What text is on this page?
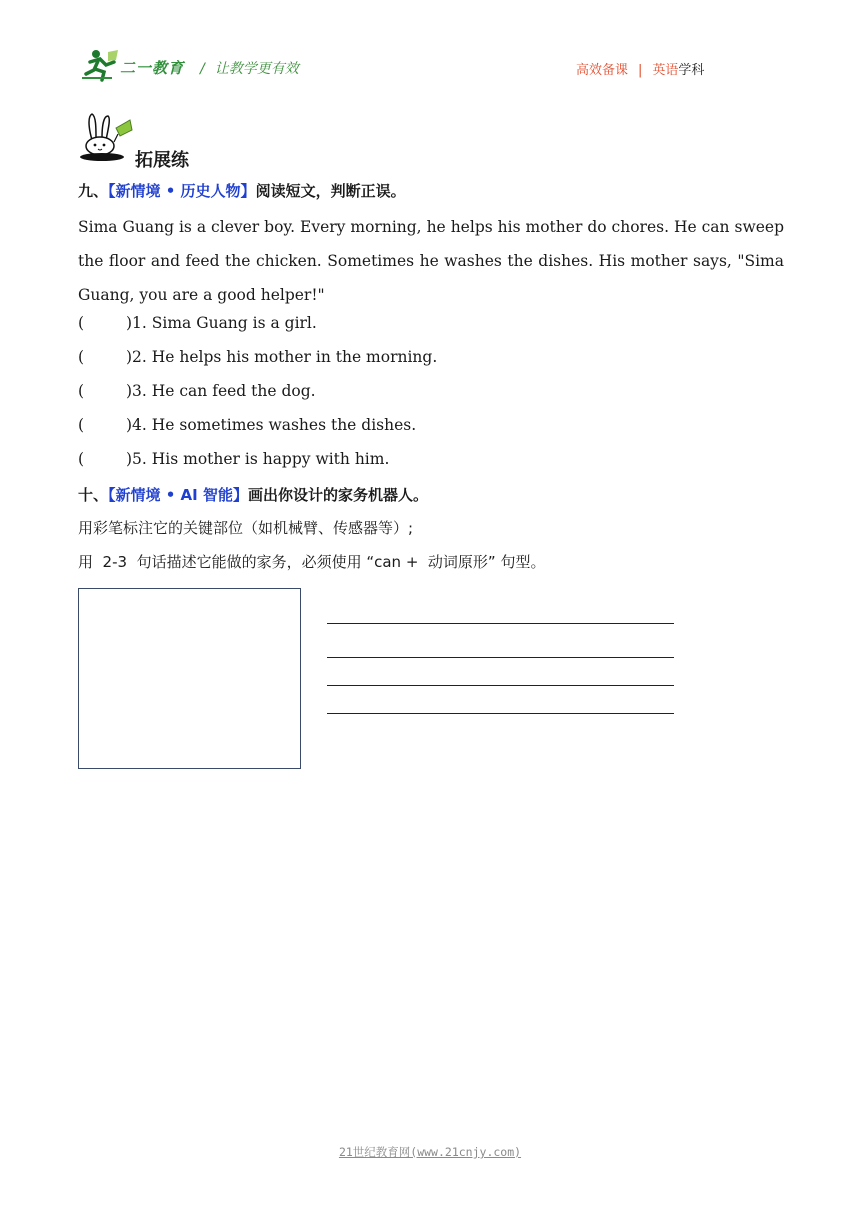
二一教育 / 让教学更有效	高效备课 | 英语学科
拓展练
九、【新情境 • 历史人物】阅读短文，判断正误。
Sima Guang is a clever boy. Every morning, he helps his mother do chores. He can sweep the floor and feed the chicken. Sometimes he washes the dishes. His mother says, "Sima Guang, you are a good helper!"
(	)1. Sima Guang is a girl.
(	)2. He helps his mother in the morning.
(	)3. He can feed the dog.
(	)4. He sometimes washes the dishes.
(	)5. His mother is happy with him.
十、【新情境 • AI 智能】画出你设计的家务机器人。
用彩笔标注它的关键部位（如机械臂、传感器等）;
用  2-3  句话描述它能做的家务，必须使用 “can +  动词原形” 句型。
21世纪教育网(www.21cnjy.com)
